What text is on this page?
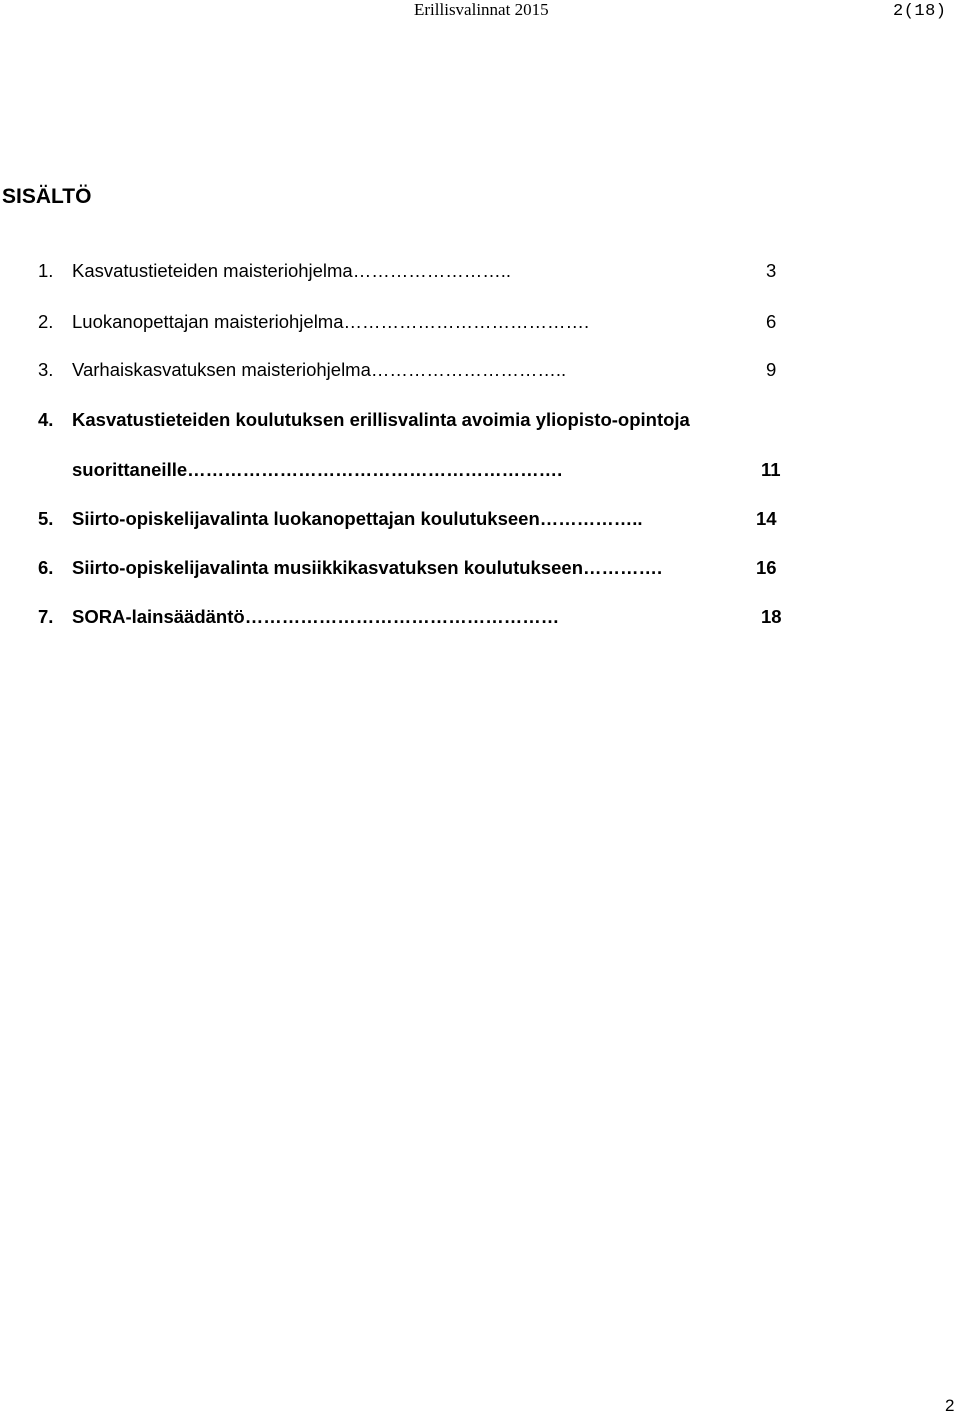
Erillisvalinnat 2015	2(18)
SISÄLTÖ
1. Kasvatustieteiden maisteriohjelma……………………..	3
2. Luokanopettajan maisteriohjelma………………………………….	6
3. Varhaiskasvatuksen maisteriohjelma…………………………..	9
4. Kasvatustieteiden koulutuksen erillisvalinta avoimia yliopisto-opintoja
suorittaneille…………………………………………………….	11
5. Siirto-opiskelijavalinta luokanopettajan koulutukseen……………..	14
6. Siirto-opiskelijavalinta musiikkikasvatuksen koulutukseen………….	16
7. SORA-lainsäädäntö……………………………………………	18
2
